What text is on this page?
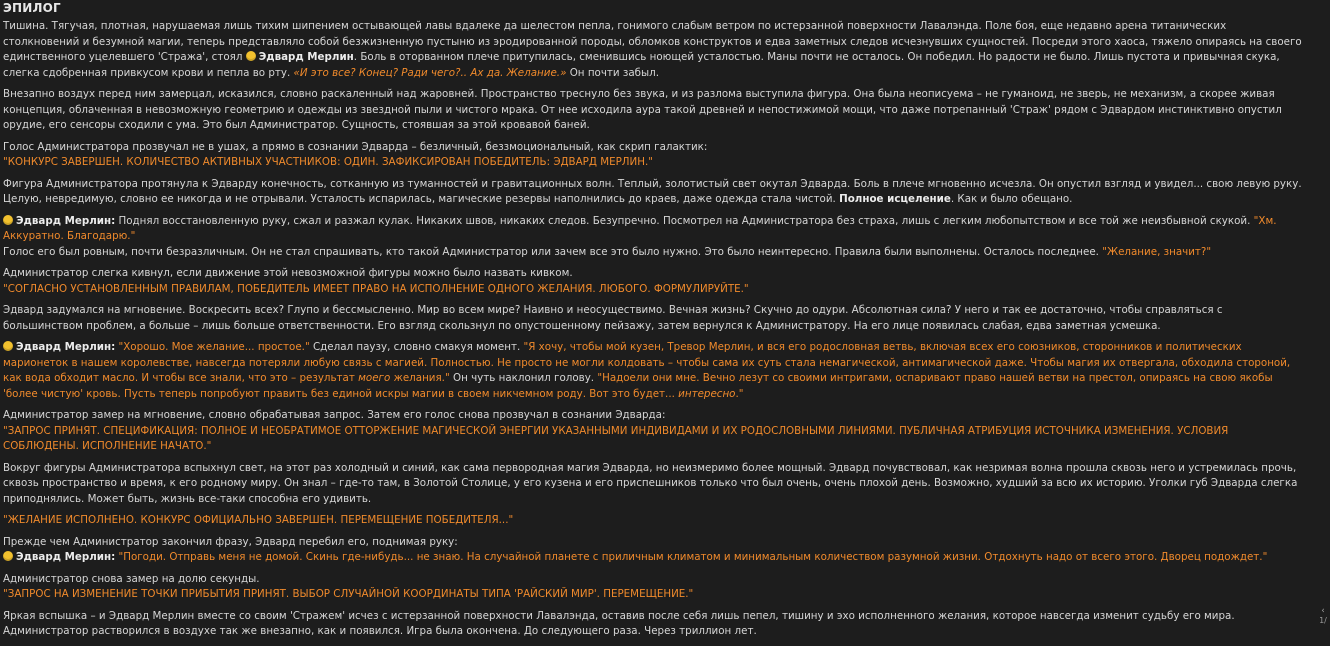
ЭПИЛОГ

Тишина. Тягучая, плотная, нарушаемая лишь тихим шипением остывающей лавы вдалеке да шелестом пепла, гонимого слабым ветром по истерзанной поверхности Лавалэнда. Поле боя, еще недавно арена титанических столкновений и безумной магии, теперь представляло собой безжизненную пустыню из эродированной породы, обломков конструктов и едва заметных следов исчезнувших сущностей. Посреди этого хаоса, тяжело опираясь на своего единственного уцелевшего 'Стража', стоял Эдвард Мерлин. Боль в оторванном плече притупилась, сменившись ноющей усталостью. Маны почти не осталось. Он победил. Но радости не было. Лишь пустота и привычная скука, слегка сдобренная привкусом крови и пепла во рту. «И это все? Конец? Ради чего?.. Ах да. Желание.» Он почти забыл.

Внезапно воздух перед ним замерцал, исказился, словно раскаленный над жаровней. Пространство треснуло без звука, и из разлома выступила фигура. Она была неописуема – не гуманоид, не зверь, не механизм, а скорее живая концепция, облаченная в невозможную геометрию и одежды из звездной пыли и чистого мрака. От нее исходила аура такой древней и непостижимой мощи, что даже потрепанный 'Страж' рядом с Эдвардом инстинктивно опустил орудие, его сенсоры сходили с ума. Это был Администратор. Сущность, стоявшая за этой кровавой баней.

Голос Администратора прозвучал не в ушах, а прямо в сознании Эдварда – безличный, беззмоциональный, как скрип галактик:
"КОНКУРС ЗАВЕРШЕН. КОЛИЧЕСТВО АКТИВНЫХ УЧАСТНИКОВ: ОДИН. ЗАФИКСИРОВАН ПОБЕДИТЕЛЬ: ЭДВАРД МЕРЛИН."

Фигура Администратора протянула к Эдварду конечность, сотканную из туманностей и гравитационных волн. Теплый, золотистый свет окутал Эдварда. Боль в плече мгновенно исчезла. Он опустил взгляд и увидел... свою левую руку. Целую, невредимую, словно ее никогда и не отрывали. Усталость испарилась, магические резервы наполнились до краев, даже одежда стала чистой. Полное исцеление. Как и было обещано.

Эдвард Мерлин: Поднял восстановленную руку, сжал и разжал кулак. Никаких швов, никаких следов. Безупречно. Посмотрел на Администратора без страха, лишь с легким любопытством и все той же неизбывной скукой. "Хм. Аккуратно. Благодарю."
Голос его был ровным, почти безразличным. Он не стал спрашивать, кто такой Администратор или зачем все это было нужно. Это было неинтересно. Правила были выполнены. Осталось последнее. "Желание, значит?"

Администратор слегка кивнул, если движение этой невозможной фигуры можно было назвать кивком.
"СОГЛАСНО УСТАНОВЛЕННЫМ ПРАВИЛАМ, ПОБЕДИТЕЛЬ ИМЕЕТ ПРАВО НА ИСПОЛНЕНИЕ ОДНОГО ЖЕЛАНИЯ. ЛЮБОГО. ФОРМУЛИРУЙТЕ."

Эдвард задумался на мгновение. Воскресить всех? Глупо и бессмысленно. Мир во всем мире? Наивно и неосуществимо. Вечная жизнь? Скучно до одури. Абсолютная сила? У него и так ее достаточно, чтобы справляться с большинством проблем, а больше – лишь больше ответственности. Его взгляд скользнул по опустошенному пейзажу, затем вернулся к Администратору. На его лице появилась слабая, едва заметная усмешка.

Эдвард Мерлин: "Хорошо. Мое желание... простое." Сделал паузу, словно смакуя момент. "Я хочу, чтобы мой кузен, Тревор Мерлин, и вся его родословная ветвь, включая всех его союзников, сторонников и политических марионеток в нашем королевстве, навсегда потеряли любую связь с магией. Полностью. Не просто не могли колдовать – чтобы сама их суть стала немагической, антимагической даже. Чтобы магия их отвергала, обходила стороной, как вода обходит масло. И чтобы все знали, что это – результат моего желания." Он чуть наклонил голову. "Надоели они мне. Вечно лезут со своими интригами, оспаривают право нашей ветви на престол, опираясь на свою якобы 'более чистую' кровь. Пусть теперь попробуют править без единой искры магии в своем никчемном роду. Вот это будет... интересно."

Администратор замер на мгновение, словно обрабатывая запрос. Затем его голос снова прозвучал в сознании Эдварда:
"ЗАПРОС ПРИНЯТ. СПЕЦИФИКАЦИЯ: ПОЛНОЕ И НЕОБРАТИМОЕ ОТТОРЖЕНИЕ МАГИЧЕСКОЙ ЭНЕРГИИ УКАЗАННЫМИ ИНДИВИДАМИ И ИХ РОДОСЛОВНЫМИ ЛИНИЯМИ. ПУБЛИЧНАЯ АТРИБУЦИЯ ИСТОЧНИКА ИЗМЕНЕНИЯ. УСЛОВИЯ СОБЛЮДЕНЫ. ИСПОЛНЕНИЕ НАЧАТО."

Вокруг фигуры Администратора вспыхнул свет, на этот раз холодный и синий, как сама первородная магия Эдварда, но неизмеримо более мощный. Эдвард почувствовал, как незримая волна прошла сквозь него и устремилась прочь, сквозь пространство и время, к его родному миру. Он знал – где-то там, в Золотой Столице, у его кузена и его приспешников только что был очень, очень плохой день. Возможно, худший за всю их историю. Уголки губ Эдварда слегка приподнялись. Может быть, жизнь все-таки способна его удивить.

"ЖЕЛАНИЕ ИСПОЛНЕНО. КОНКУРС ОФИЦИАЛЬНО ЗАВЕРШЕН. ПЕРЕМЕЩЕНИЕ ПОБЕДИТЕЛЯ..."

Прежде чем Администратор закончил фразу, Эдвард перебил его, поднимая руку:
Эдвард Мерлин: "Погоди. Отправь меня не домой. Скинь где-нибудь... не знаю. На случайной планете с приличным климатом и минимальным количеством разумной жизни. Отдохнуть надо от всего этого. Дворец подождет."

Администратор снова замер на долю секунды.
"ЗАПРОС НА ИЗМЕНЕНИЕ ТОЧКИ ПРИБЫТИЯ ПРИНЯТ. ВЫБОР СЛУЧАЙНОЙ КООРДИНАТЫ ТИПА 'РАЙСКИЙ МИР'. ПЕРЕМЕЩЕНИЕ."

Яркая вспышка – и Эдвард Мерлин вместе со своим 'Стражем' исчез с истерзанной поверхности Лавалэнда, оставив после себя лишь пепел, тишину и эхо исполненного желания, которое навсегда изменит судьбу его мира. Администратор растворился в воздухе так же внезапно, как и появился. Игра была окончена. До следующего раза. Через триллион лет.

‹
1/
